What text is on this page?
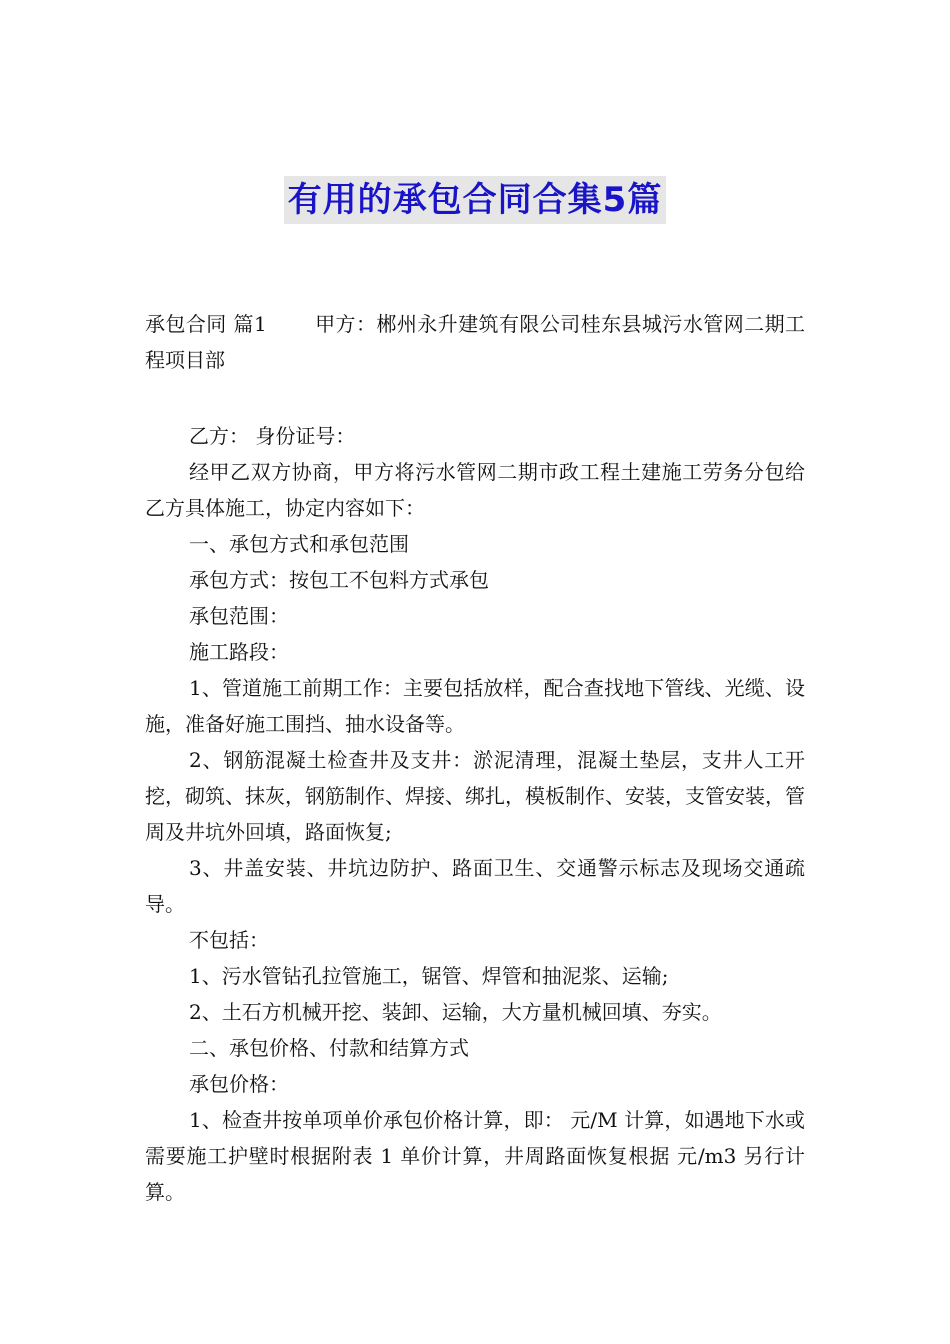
有用的承包合同合集5篇

承包合同 篇1 甲方：郴州永升建筑有限公司桂东县城污水管网二期工程项目部

乙方： 身份证号：

经甲乙双方协商，甲方将污水管网二期市政工程土建施工劳务分包给乙方具体施工，协定内容如下：

一、承包方式和承包范围

承包方式：按包工不包料方式承包

承包范围：

施工路段：

1、管道施工前期工作：主要包括放样，配合查找地下管线、光缆、设施，准备好施工围挡、抽水设备等。

2、钢筋混凝土检查井及支井：淤泥清理，混凝土垫层，支井人工开挖，砌筑、抹灰，钢筋制作、焊接、绑扎，模板制作、安装，支管安装，管周及井坑外回填，路面恢复;

3、井盖安装、井坑边防护、路面卫生、交通警示标志及现场交通疏导。

不包括：

1、污水管钻孔拉管施工，锯管、焊管和抽泥浆、运输;

2、土石方机械开挖、装卸、运输，大方量机械回填、夯实。

二、承包价格、付款和结算方式

承包价格：

1、检查井按单项单价承包价格计算，即： 元/M 计算，如遇地下水或需要施工护壁时根据附表 1 单价计算，井周路面恢复根据 元/m3 另行计算。
